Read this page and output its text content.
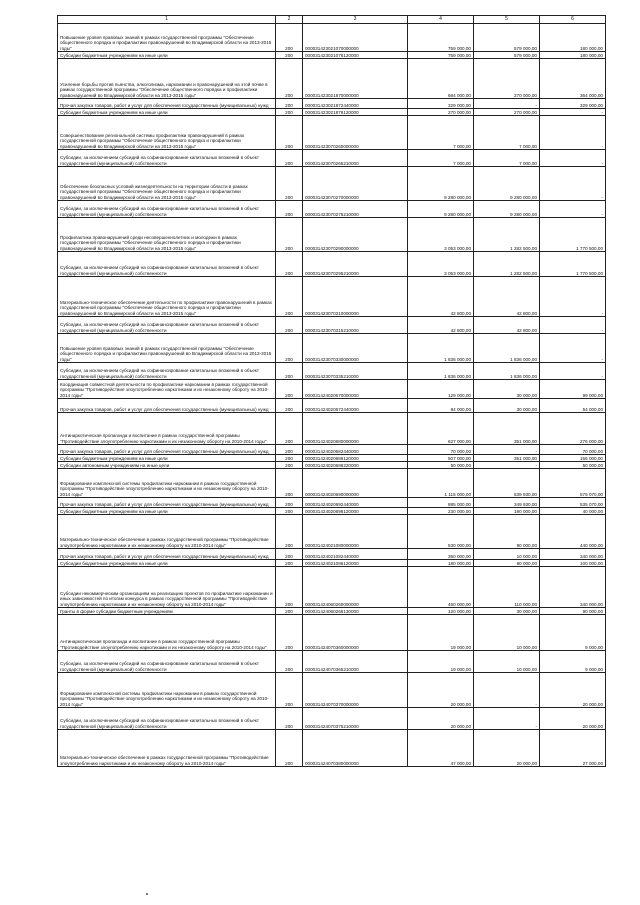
1	2	3	4	5	6
Повышение уровня правовых знаний в рамках государственной программы "Обеспечение общественного порядка и профилактики правонарушений во Владимирской области на 2013-2015 годы"	200	000031423021070000000	759 000,00	579 000,00	180 000,00
Субсидии бюджетным учреждениям на иные цели	200	000031423021076120000	759 000,00	579 000,00	180 000,00
Усиление борьбы против пьянства, алкоголизма, наркомании и правонарушений на этой почве в рамках государственной программы "Обеспечение общественного порядка и профилактики правонарушений во Владимирской области на 2013-2015 годы"	200	000031423021870000000	684 000,00	270 000,00	364 000,00
Прочая закупка товаров, работ и услуг для обеспечения государственных (муниципальных) нужд	200	000031423021872440000	329 000,00	-	329 000,00
Субсидии бюджетным учреждениям на иные цели	200	000031423021876120000	270 000,00	270 000,00	-
Совершенствование региональной системы профилактики правонарушений в рамках государственной программы "Обеспечение общественного порядка и профилактики правонарушений во Владимирской области на 2013-2015 годы"	200	000031423070260000000	7 000,00	7 000,00	-
Субсидии, за исключением субсидий на софинансирование капитальных вложений в объект государственной (муниципальной) собственности	200	000031423070265210000	7 000,00	7 000,00	-
Обеспечение безопасных условий жизнедеятельности на территории области в рамках государственной программы "Обеспечение общественного порядка и профилактики правонарушений во Владимирской области на 2013-2015 годы"	200	000031423070270000000	9 280 000,00	9 280 000,00	-
Субсидии, за исключением субсидий на софинансирование капитальных вложений в объект государственной (муниципальной) собственности	200	000031423070275210000	9 280 000,00	9 280 000,00	-
Профилактика правонарушений среди несовершеннолетних и молодежи в рамках государственной программы "Обеспечение общественного порядка и профилактики правонарушений во Владимирской области на 2013-2015 годы"	200	000031423070290000000	3 053 000,00	1 282 500,00	1 770 500,00
Субсидии, за исключением субсидий на софинансирование капитальных вложений в объект государственной (муниципальной) собственности	200	000031423070295210000	3 053 000,00	1 282 500,00	1 770 500,00
Материально-техническое обеспечение деятельности по профилактике правонарушений в рамках государственной программы "Обеспечение общественного порядка и профилактики правонарушений во Владимирской области на 2013-2015 годы"	200	000031423070310000000	42 800,00	42 800,00	-
Субсидии, за исключением субсидий на софинансирование капитальных вложений в объект государственной (муниципальной) собственности	200	000031423070315210000	42 800,00	42 800,00	-
Повышение уровня правовых знаний в рамках государственной программы "Обеспечение общественного порядка и профилактики правонарушений во Владимирской области на 2013-2015 годы"	200	000031423070330000000	1 836 000,00	1 836 000,00	-
Субсидии, за исключением субсидий на софинансирование капитальных вложений в объект государственной (муниципальной) собственности	200	000031423070335210000	1 836 000,00	1 836 000,00	-
Координация совместной деятельности по профилактике наркомании в рамках государственной программы "Противодействие злоупотреблению наркотиками и их незаконному обороту на 2010-2014 годы"	200	000031424020670000000	129 000,00	30 000,00	99 000,00
Прочая закупка товаров, работ и услуг для обеспечения государственных (муниципальных) нужд	200	000031424020672440000	84 000,00	30 000,00	54 000,00
Антинаркотическая пропаганда и воспитание в рамках государственной программы "Противодействие злоупотреблению наркотиками и их незаконному обороту на 2010-2014 годы"	200	000031424020680000000	627 000,00	351 000,00	276 000,00
Прочая закупка товаров, работ и услуг для обеспечения государственных (муниципальных) нужд	200	000031424020682440000	70 000,00	-	70 000,00
Субсидии бюджетным учреждениям на иные цели	200	000031424020686120000	507 000,00	351 000,00	156 000,00
Субсидии автономным учреждениям на иные цели	200	000031424020686220000	50 000,00	-	50 000,00
Формирование комплексной системы профилактики наркомании в рамках государственной программы "Противодействие злоупотреблению наркотиками и их незаконному обороту на 2010-2014 годы"	200	000031424020690000000	1 115 000,00	539 930,00	575 070,00
Прочая закупка товаров, работ и услуг для обеспечения государственных (муниципальных) нужд	200	000031424020692440000	885 000,00	349 930,00	535 070,00
Субсидии бюджетным учреждениям на иные цели	200	000031424020696120000	230 000,00	190 000,00	40 000,00
Материально-техническое обеспечение в рамках государственной программы "Противодействие злоупотреблению наркотиками и их незаконному обороту на 2010-2014 годы"	200	000031424021080000000	530 000,00	90 000,00	440 000,00
Прочая закупка товаров, работ и услуг для обеспечения государственных (муниципальных) нужд	200	000031424021082440000	350 000,00	10 000,00	340 000,00
Субсидии бюджетным учреждениям на иные цели	200	000031424021086120000	180 000,00	80 000,00	100 000,00
Субсидии некоммерческим организациям на реализацию проектов по профилактике наркомании и иных зависимостей по итогам конкурса в рамках государственной программы "Противодействие злоупотреблению наркотиками и их незаконному обороту на 2010-2014 годы"	200	000031424060260000000	450 000,00	110 000,00	340 000,00
Гранты в форме субсидии бюджетным учреждениям	200	000031424060266130000	120 000,00	30 000,00	90 000,00
Антинаркотическая пропаганда и воспитание в рамках государственной программы "Противодействие злоупотреблению наркотиками и их незаконному обороту на 2010-2014 годы"	200	000031424070360000000	19 000,00	10 000,00	9 000,00
Субсидии, за исключением субсидий на софинансирование капитальных вложений в объект государственной (муниципальной) собственности	200	000031424070365210000	19 000,00	10 000,00	9 000,00
Формирование комплексной системы профилактики наркомании в рамках государственной программы "Противодействие злоупотреблению наркотиками и их незаконному обороту на 2010-2014 годы"	200	000031424070370000000	20 000,00	-	20 000,00
Субсидии, за исключением субсидий на софинансирование капитальных вложений в объект государственной (муниципальной) собственности	200	000031424070375210000	20 000,00	-	20 000,00
Материально-техническое обеспечение в рамках государственной программы "Противодействие злоупотреблению наркотиками и их незаконному обороту на 2010-2014 годы"	200	000031424070380000000	47 000,00	20 000,00	27 000,00
